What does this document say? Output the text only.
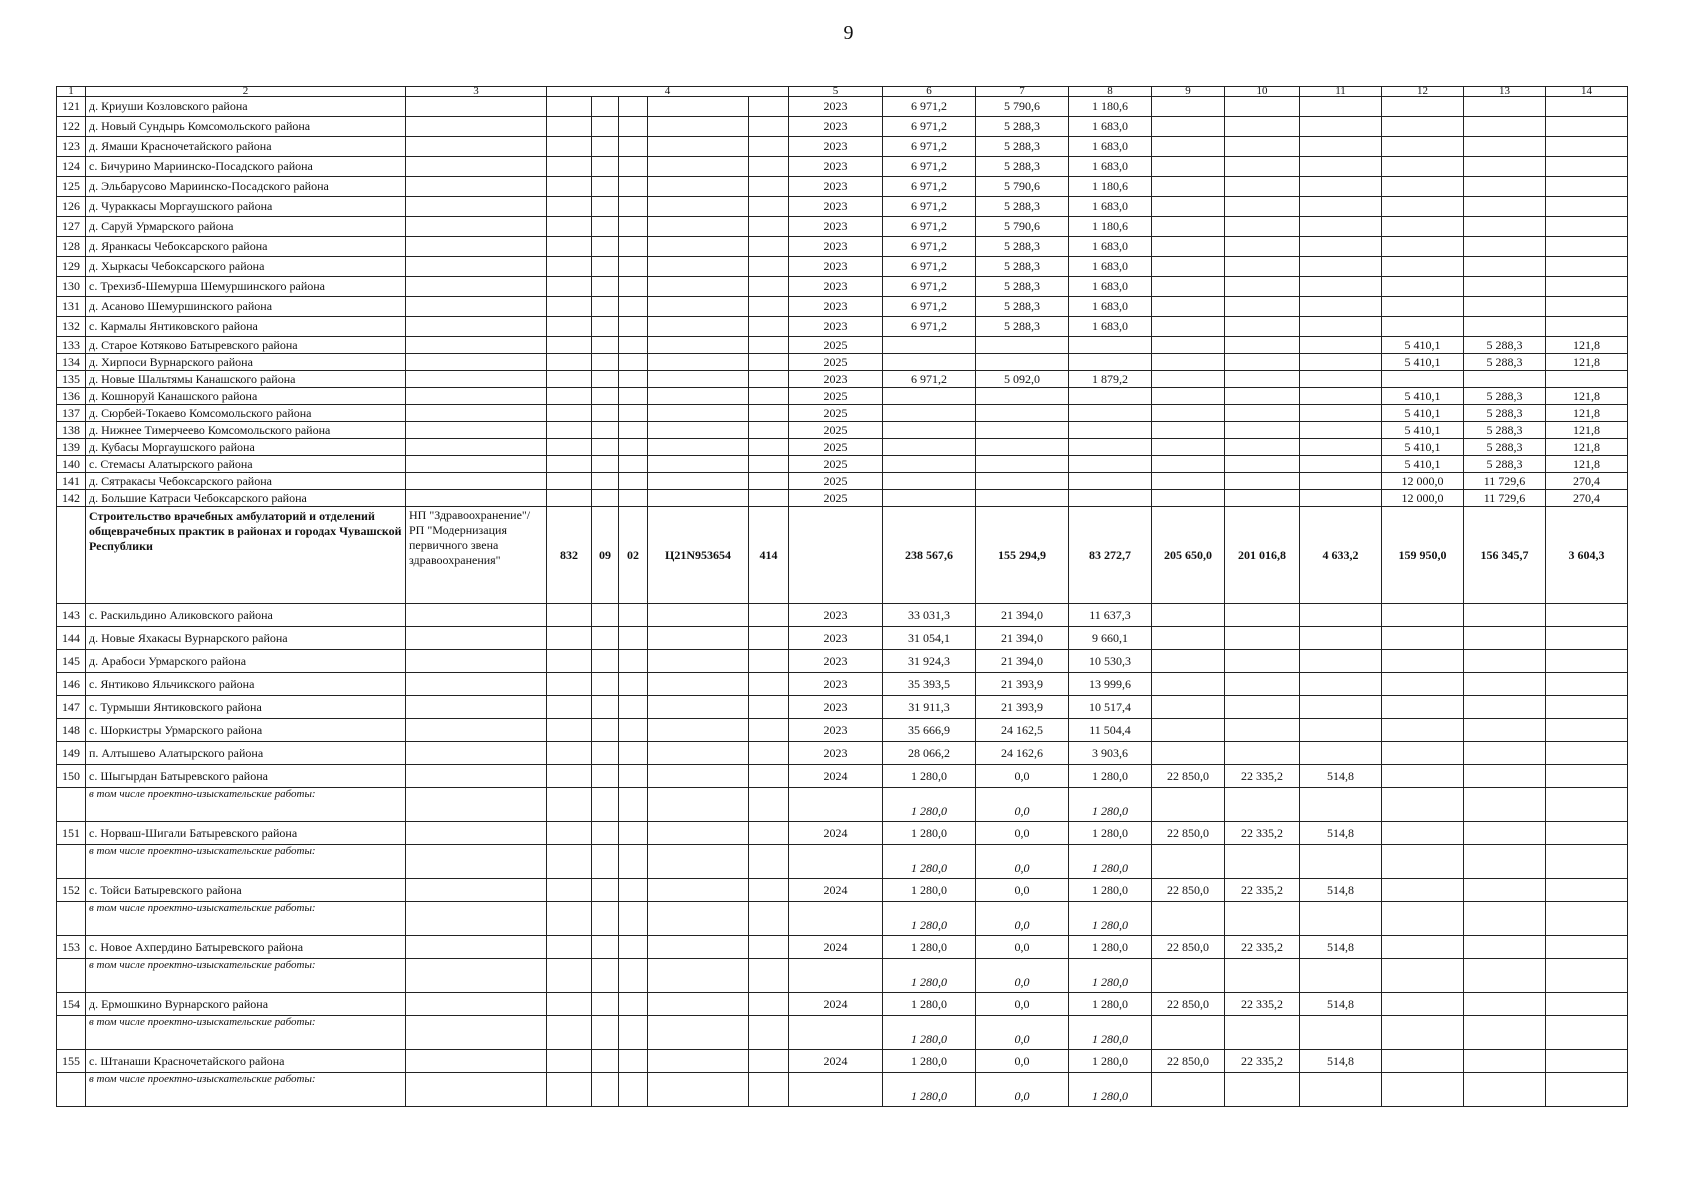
9
1	2	3	4					5	6	7	8	9	10	11	12	13	14
121	д. Криуши Козловского района							2023	6 971,2	5 790,6	1 180,6						
122	д. Новый Сундырь Комсомольского района							2023	6 971,2	5 288,3	1 683,0						
123	д. Ямаши Красночетайского района							2023	6 971,2	5 288,3	1 683,0						
124	с. Бичурино Мариинско-Посадского района							2023	6 971,2	5 288,3	1 683,0						
125	д. Эльбарусово Мариинско-Посадского района							2023	6 971,2	5 790,6	1 180,6						
126	д. Чураккасы Моргаушского района							2023	6 971,2	5 288,3	1 683,0						
127	д. Саруй Урмарского района							2023	6 971,2	5 790,6	1 180,6						
128	д. Яранкасы Чебоксарского района							2023	6 971,2	5 288,3	1 683,0						
129	д. Хыркасы Чебоксарского района							2023	6 971,2	5 288,3	1 683,0						
130	с. Трехизб-Шемурша Шемуршинского района							2023	6 971,2	5 288,3	1 683,0						
131	д. Асаново Шемуршинского района							2023	6 971,2	5 288,3	1 683,0						
132	с. Кармалы Янтиковского района							2023	6 971,2	5 288,3	1 683,0						
133	д. Старое Котяково Батыревского района							2025							5 410,1	5 288,3	121,8
134	д. Хирпоси Вурнарского района							2025							5 410,1	5 288,3	121,8
135	д. Новые Шальтямы Канашского района							2023	6 971,2	5 092,0	1 879,2						
136	д. Кошноруй Канашского района							2025							5 410,1	5 288,3	121,8
137	д. Сюрбей-Токаево Комсомольского района							2025							5 410,1	5 288,3	121,8
138	д. Нижнее Тимерчеево Комсомольского района							2025							5 410,1	5 288,3	121,8
139	д. Кубасы Моргаушского района							2025							5 410,1	5 288,3	121,8
140	с. Стемасы Алатырского района							2025							5 410,1	5 288,3	121,8
141	д. Сятракасы Чебоксарского района							2025							12 000,0	11 729,6	270,4
142	д. Большие Катраси Чебоксарского района							2025							12 000,0	11 729,6	270,4
	Строительство врачебных амбулаторий и отделений общеврачебных практик в районах и городах Чувашской Республики	НП "Здравоохранение"/ РП "Модернизация первичного звена здравоохранения"	832	09	02	Ц21N953654	414		238 567,6	155 294,9	83 272,7	205 650,0	201 016,8	4 633,2	159 950,0	156 345,7	3 604,3
143	с. Раскильдино Аликовского района							2023	33 031,3	21 394,0	11 637,3						
144	д. Новые Яхакасы Вурнарского района							2023	31 054,1	21 394,0	9 660,1						
145	д. Арабоси Урмарского района							2023	31 924,3	21 394,0	10 530,3						
146	с. Янтиково Яльчикского района							2023	35 393,5	21 393,9	13 999,6						
147	с. Турмыши Янтиковского района							2023	31 911,3	21 393,9	10 517,4						
148	с. Шоркистры Урмарского района							2023	35 666,9	24 162,5	11 504,4						
149	п. Алтышево Алатырского района							2023	28 066,2	24 162,6	3 903,6						
150	с. Шыгырдан Батыревского района							2024	1 280,0	0,0	1 280,0	22 850,0	22 335,2	514,8			
	в том числе проектно-изыскательские работы:								1 280,0	0,0	1 280,0						
151	с. Норваш-Шигали Батыревского района							2024	1 280,0	0,0	1 280,0	22 850,0	22 335,2	514,8			
	в том числе проектно-изыскательские работы:								1 280,0	0,0	1 280,0						
152	с. Тойси Батыревского района							2024	1 280,0	0,0	1 280,0	22 850,0	22 335,2	514,8			
	в том числе проектно-изыскательские работы:								1 280,0	0,0	1 280,0						
153	с. Новое Ахпердино Батыревского района							2024	1 280,0	0,0	1 280,0	22 850,0	22 335,2	514,8			
	в том числе проектно-изыскательские работы:								1 280,0	0,0	1 280,0						
154	д. Ермошкино Вурнарского района							2024	1 280,0	0,0	1 280,0	22 850,0	22 335,2	514,8			
	в том числе проектно-изыскательские работы:								1 280,0	0,0	1 280,0						
155	с. Штанаши Красночетайского района							2024	1 280,0	0,0	1 280,0	22 850,0	22 335,2	514,8			
	в том числе проектно-изыскательские работы:								1 280,0	0,0	1 280,0						
